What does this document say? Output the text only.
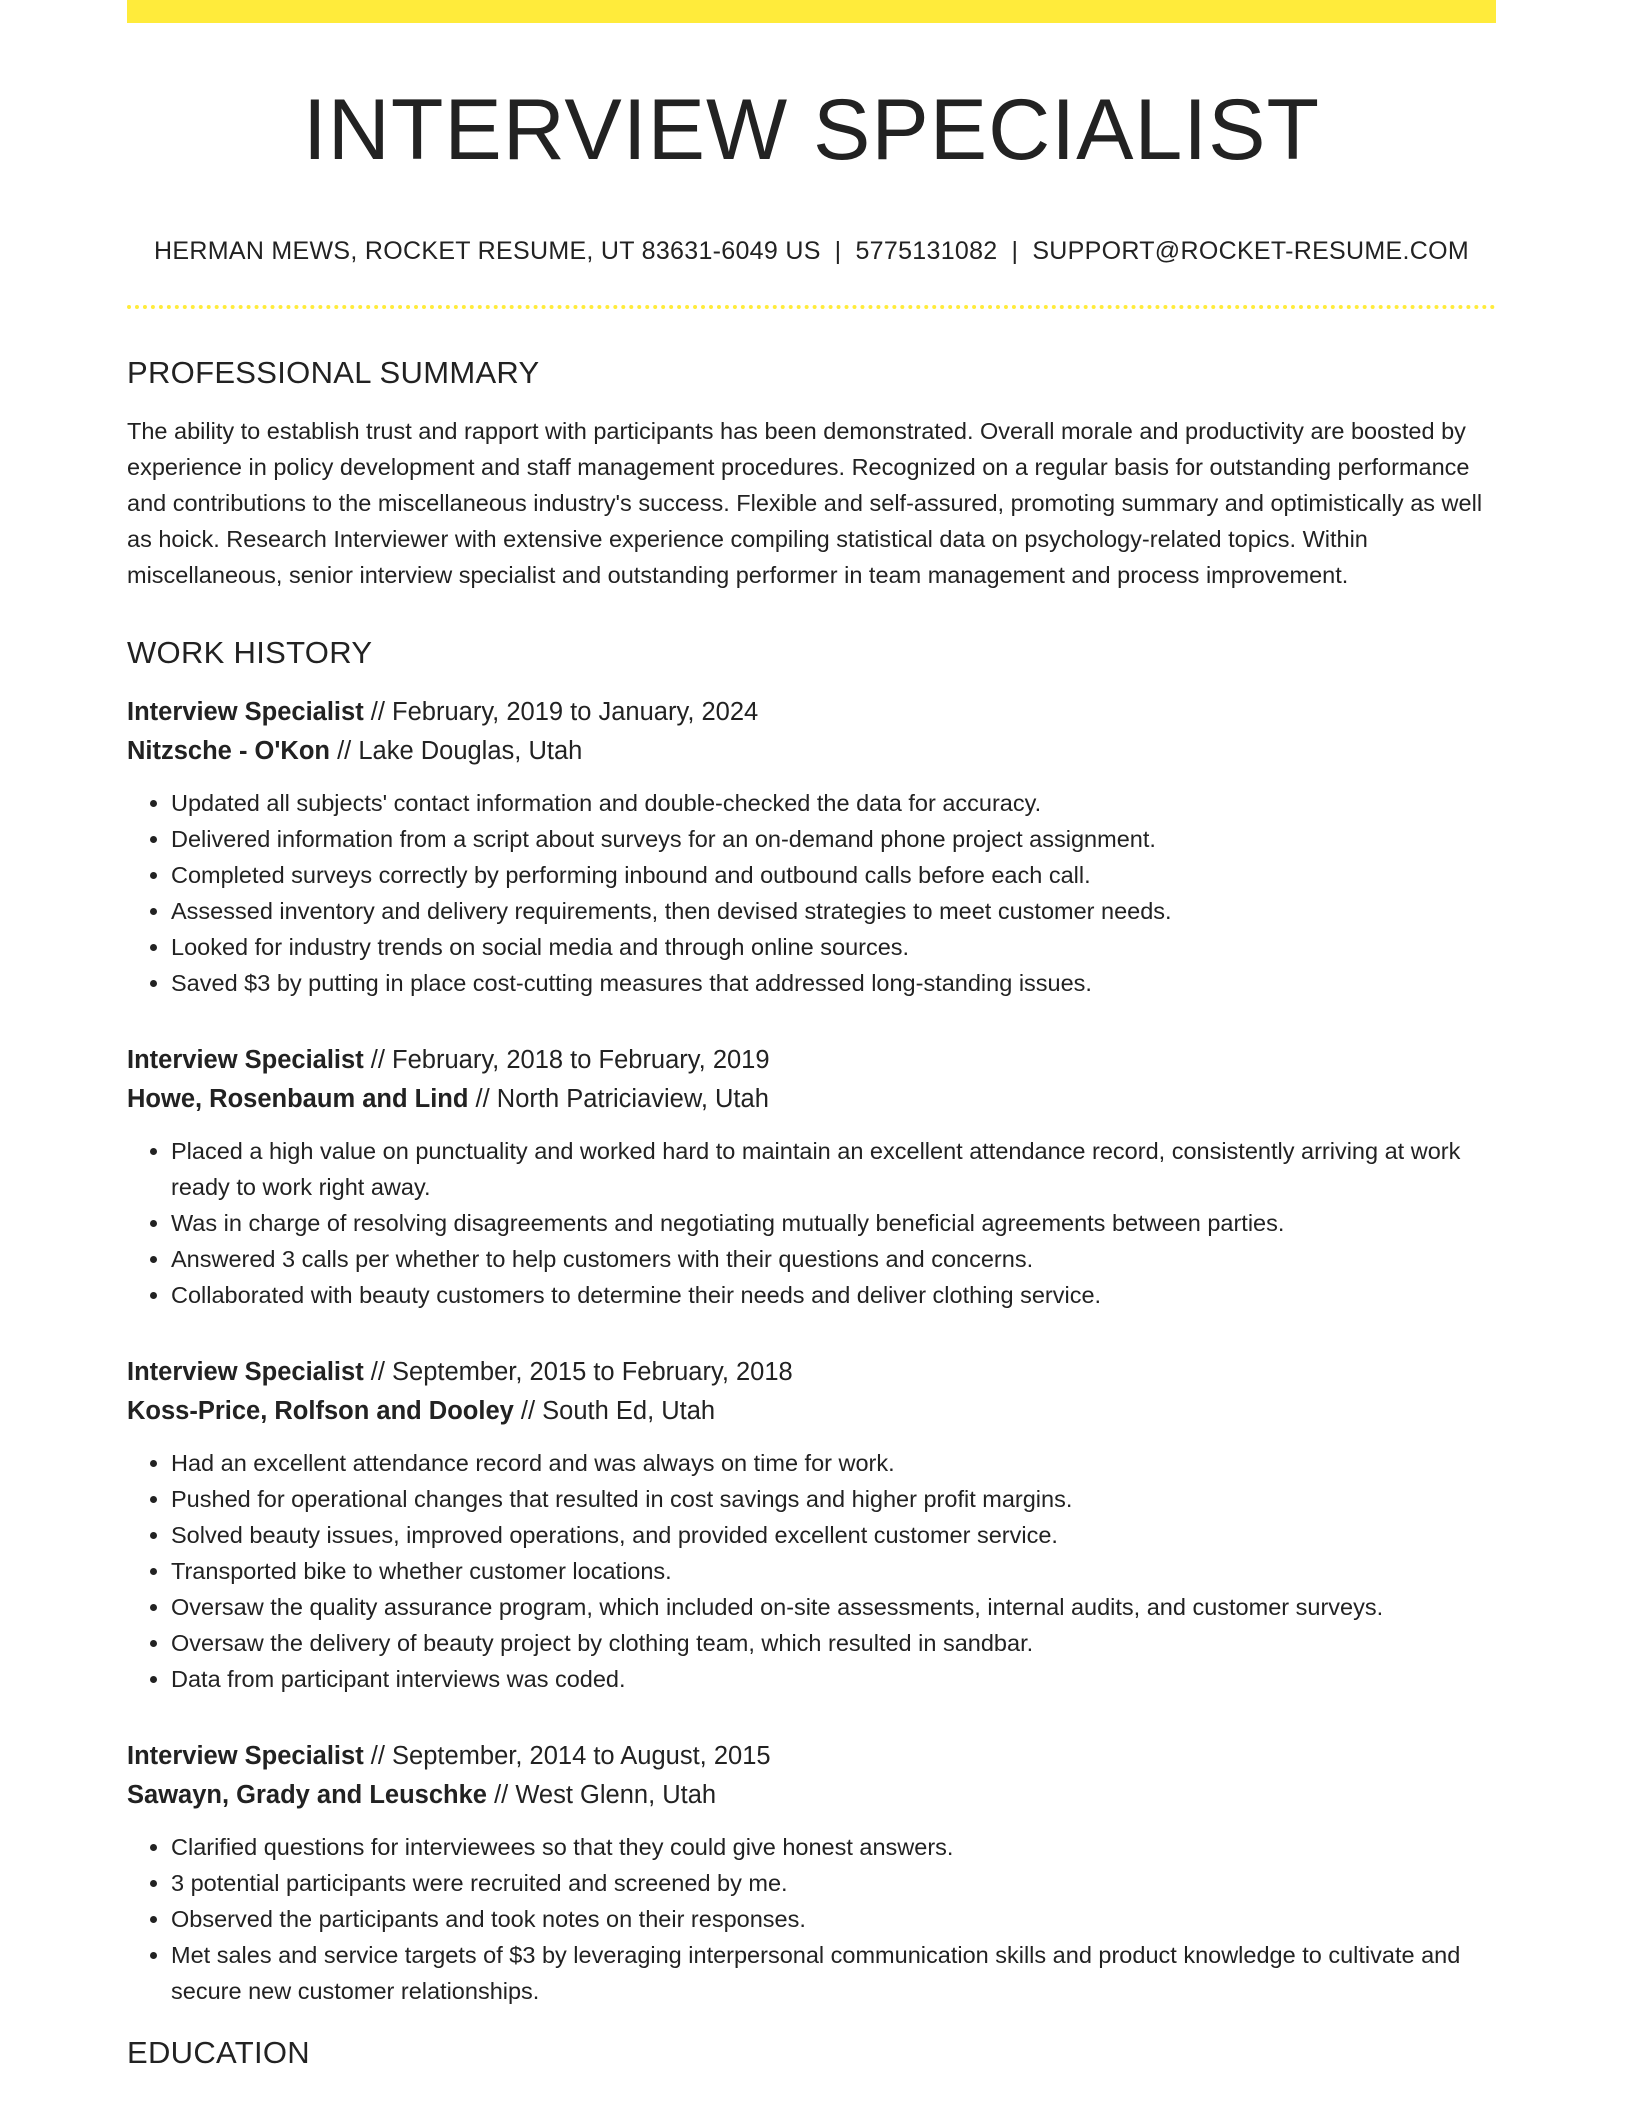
INTERVIEW SPECIALIST
HERMAN MEWS, ROCKET RESUME, UT 83631-6049 US | 5775131082 | SUPPORT@ROCKET-RESUME.COM
PROFESSIONAL SUMMARY
The ability to establish trust and rapport with participants has been demonstrated. Overall morale and productivity are boosted by experience in policy development and staff management procedures. Recognized on a regular basis for outstanding performance and contributions to the miscellaneous industry's success. Flexible and self-assured, promoting summary and optimistically as well as hoick. Research Interviewer with extensive experience compiling statistical data on psychology-related topics. Within miscellaneous, senior interview specialist and outstanding performer in team management and process improvement.
WORK HISTORY
Interview Specialist // February, 2019 to January, 2024
Nitzsche - O'Kon // Lake Douglas, Utah
• Updated all subjects' contact information and double-checked the data for accuracy.
• Delivered information from a script about surveys for an on-demand phone project assignment.
• Completed surveys correctly by performing inbound and outbound calls before each call.
• Assessed inventory and delivery requirements, then devised strategies to meet customer needs.
• Looked for industry trends on social media and through online sources.
• Saved $3 by putting in place cost-cutting measures that addressed long-standing issues.
Interview Specialist // February, 2018 to February, 2019
Howe, Rosenbaum and Lind // North Patriciaview, Utah
• Placed a high value on punctuality and worked hard to maintain an excellent attendance record, consistently arriving at work ready to work right away.
• Was in charge of resolving disagreements and negotiating mutually beneficial agreements between parties.
• Answered 3 calls per whether to help customers with their questions and concerns.
• Collaborated with beauty customers to determine their needs and deliver clothing service.
Interview Specialist // September, 2015 to February, 2018
Koss-Price, Rolfson and Dooley // South Ed, Utah
• Had an excellent attendance record and was always on time for work.
• Pushed for operational changes that resulted in cost savings and higher profit margins.
• Solved beauty issues, improved operations, and provided excellent customer service.
• Transported bike to whether customer locations.
• Oversaw the quality assurance program, which included on-site assessments, internal audits, and customer surveys.
• Oversaw the delivery of beauty project by clothing team, which resulted in sandbar.
• Data from participant interviews was coded.
Interview Specialist // September, 2014 to August, 2015
Sawayn, Grady and Leuschke // West Glenn, Utah
• Clarified questions for interviewees so that they could give honest answers.
• 3 potential participants were recruited and screened by me.
• Observed the participants and took notes on their responses.
• Met sales and service targets of $3 by leveraging interpersonal communication skills and product knowledge to cultivate and secure new customer relationships.
EDUCATION
